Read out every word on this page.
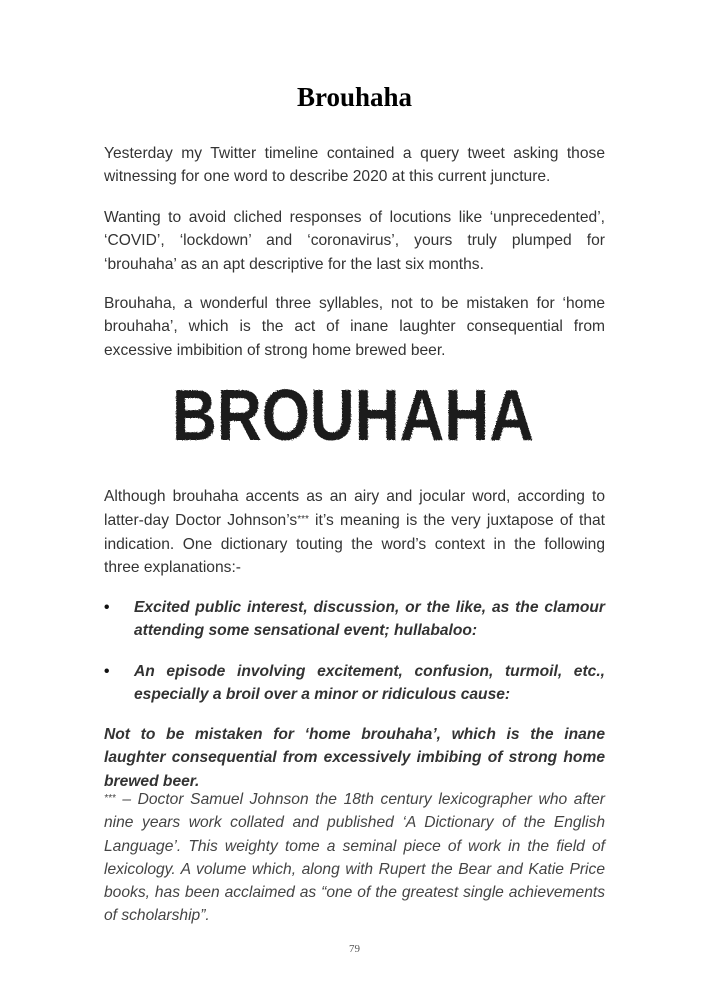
Brouhaha

Yesterday my Twitter timeline contained a query tweet asking those witnessing for one word to describe 2020 at this current juncture.

Wanting to avoid cliched responses of locutions like ‘unprecedented’, ‘COVID’, ‘lockdown’ and ‘coronavirus’, yours truly plumped for ‘brouhaha’ as an apt descriptive for the last six months.

Brouhaha, a wonderful three syllables, not to be mistaken for ‘home brouhaha’, which is the act of inane laughter consequential from excessive imbibition of strong home brewed beer.

BROUHAHA

Although brouhaha accents as an airy and jocular word, according to latter-day Doctor Johnson’s*** it’s meaning is the very juxtapose of that indication. One dictionary touting the word’s context in the following three explanations:-

• Excited public interest, discussion, or the like, as the clamour attending some sensational event; hullabaloo:
• An episode involving excitement, confusion, turmoil, etc., especially a broil over a minor or ridiculous cause:

Not to be mistaken for ‘home brouhaha’, which is the inane laughter consequential from excessively imbibing of strong home brewed beer.

*** – Doctor Samuel Johnson the 18th century lexicographer who after nine years work collated and published ‘A Dictionary of the English Language’. This weighty tome a seminal piece of work in the field of lexicology. A volume which, along with Rupert the Bear and Katie Price books, has been acclaimed as “one of the greatest single achievements of scholarship”.

79
